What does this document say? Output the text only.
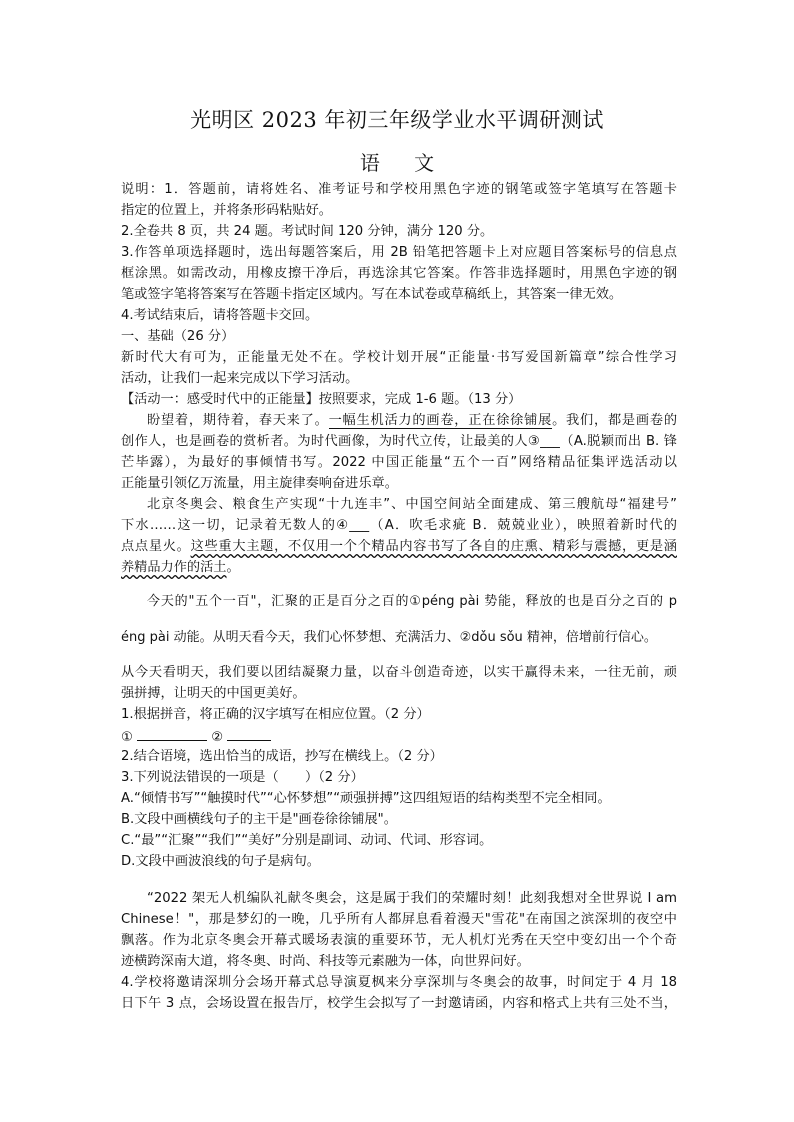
光明区 2023 年初三年级学业水平调研测试
语 文
说明：1．答题前，请将姓名、准考证号和学校用黑色字迹的钢笔或签字笔填写在答题卡
指定的位置上，并将条形码粘贴好。
2.全卷共 8 页，共 24 题。考试时间 120 分钟，满分 120 分。
3.作答单项选择题时，选出每题答案后，用 2B 铅笔把答题卡上对应题目答案标号的信息点
框涂黑。如需改动，用橡皮擦干净后，再选涂其它答案。作答非选择题时，用黑色字迹的钢
笔或签字笔将答案写在答题卡指定区域内。写在本试卷或草稿纸上，其答案一律无效。
4.考试结束后，请将答题卡交回。
一、基础（26 分）
新时代大有可为，正能量无处不在。学校计划开展“正能量·书写爱国新篇章”综合性学习
活动，让我们一起来完成以下学习活动。
【活动一：感受时代中的正能量】按照要求，完成 1-6 题。（13 分）
盼望着，期待着，春天来了。一幅生机活力的画卷，正在徐徐铺展。我们，都是画卷的
创作人，也是画卷的赏析者。为时代画像，为时代立传，让最美的人③___（A.脱颖而出 B. 锋
芒毕露），为最好的事倾情书写。2022 中国正能量“五个一百”网络精品征集评选活动以
正能量引领亿万流量，用主旋律奏响奋进乐章。
北京冬奥会、粮食生产实现“十九连丰”、中国空间站全面建成、第三艘航母“福建号”
下水……这一切，记录着无数人的④___（A．吹毛求疵 B．兢兢业业），映照着新时代的
点点星火。这些重大主题，不仅用一个个精品内容书写了各自的庄熏、精彩与震撼，更是涵
养精品力作的活土。
今天的"五个一百"，汇聚的正是百分之百的①péng pài 势能，释放的也是百分之百的 p
éng pài 动能。从明天看今天，我们心怀梦想、充满活力、②dǒu sǒu 精神，倍增前行信心。
从今天看明天，我们要以团结凝聚力量，以奋斗创造奇迹，以实干赢得未来，一往无前，顽
强拼搏，让明天的中国更美好。
1.根据拼音，将正确的汉字填写在相应位置。（2 分）
①	②
2.结合语境，选出恰当的成语，抄写在横线上。（2 分）
3.下列说法错误的一项是（　　）（2 分）
A.“倾情书写”“触摸时代”“心怀梦想”“顽强拼搏”这四组短语的结构类型不完全相同。
B.文段中画横线句子的主干是"画卷徐徐铺展"。
C.“最”“汇聚”“我们”“美好”分别是副词、动词、代词、形容词。
D.文段中画波浪线的句子是病句。
“2022 架无人机编队礼献冬奥会，这是属于我们的荣耀时刻！此刻我想对全世界说 I am
Chinese！"，那是梦幻的一晚，几乎所有人都屏息看着漫天"雪花"在南国之滨深圳的夜空中
飘落。作为北京冬奥会开幕式暖场表演的重要环节，无人机灯光秀在天空中变幻出一个个奇
迹横跨深南大道，将冬奥、时尚、科技等元素融为一体，向世界问好。
4.学校将邀请深圳分会场开幕式总导演夏枫来分享深圳与冬奥会的故事，时间定于 4 月 18
日下午 3 点，会场设置在报告厅，校学生会拟写了一封邀请函，内容和格式上共有三处不当，
